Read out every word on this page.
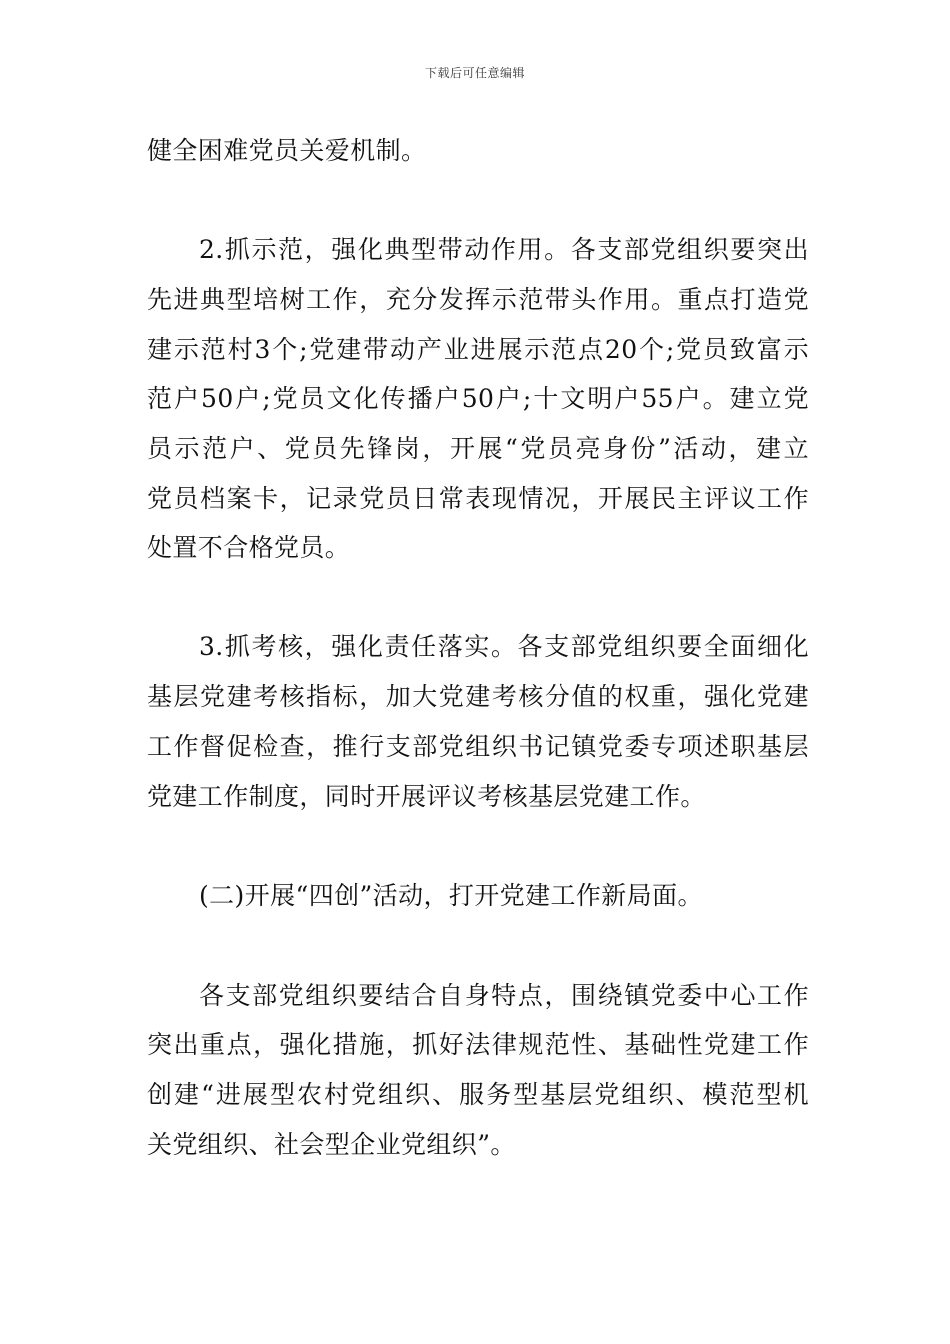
下载后可任意编辑
健全困难党员关爱机制。
2.抓示范，强化典型带动作用。各支部党组织要突出
先进典型培树工作，充分发挥示范带头作用。重点打造党
建示范村3个;党建带动产业进展示范点20个;党员致富示
范户50户;党员文化传播户50户;十文明户55户。建立党
员示范户、党员先锋岗，开展“党员亮身份”活动，建立
党员档案卡，记录党员日常表现情况，开展民主评议工作
处置不合格党员。
3.抓考核，强化责任落实。各支部党组织要全面细化
基层党建考核指标，加大党建考核分值的权重，强化党建
工作督促检查，推行支部党组织书记镇党委专项述职基层
党建工作制度，同时开展评议考核基层党建工作。
(二)开展“四创”活动，打开党建工作新局面。
各支部党组织要结合自身特点，围绕镇党委中心工作
突出重点，强化措施，抓好法律规范性、基础性党建工作
创建“进展型农村党组织、服务型基层党组织、模范型机
关党组织、社会型企业党组织”。
